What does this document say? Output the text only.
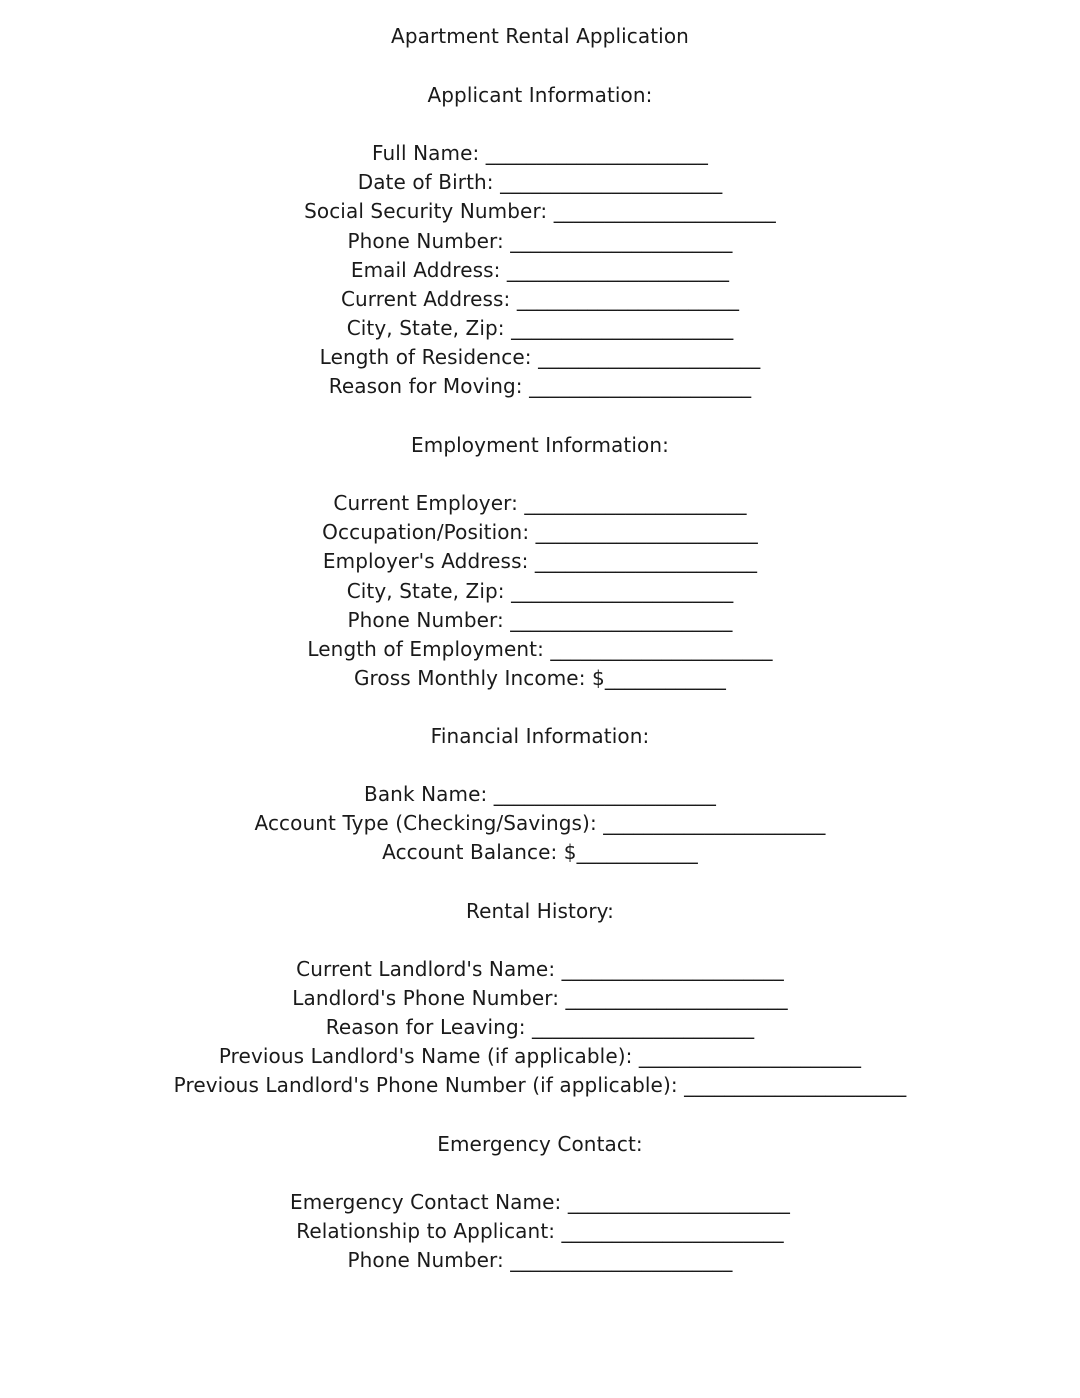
Apartment Rental Application
Applicant Information:
Full Name: ______________________
Date of Birth: ______________________
Social Security Number: ______________________
Phone Number: ______________________
Email Address: ______________________
Current Address: ______________________
City, State, Zip: ______________________
Length of Residence: ______________________
Reason for Moving: ______________________
Employment Information:
Current Employer: ______________________
Occupation/Position: ______________________
Employer's Address: ______________________
City, State, Zip: ______________________
Phone Number: ______________________
Length of Employment: ______________________
Gross Monthly Income: $____________
Financial Information:
Bank Name: ______________________
Account Type (Checking/Savings): ______________________
Account Balance: $____________
Rental History:
Current Landlord's Name: ______________________
Landlord's Phone Number: ______________________
Reason for Leaving: ______________________
Previous Landlord's Name (if applicable): ______________________
Previous Landlord's Phone Number (if applicable): ______________________
Emergency Contact:
Emergency Contact Name: ______________________
Relationship to Applicant: ______________________
Phone Number: ______________________
